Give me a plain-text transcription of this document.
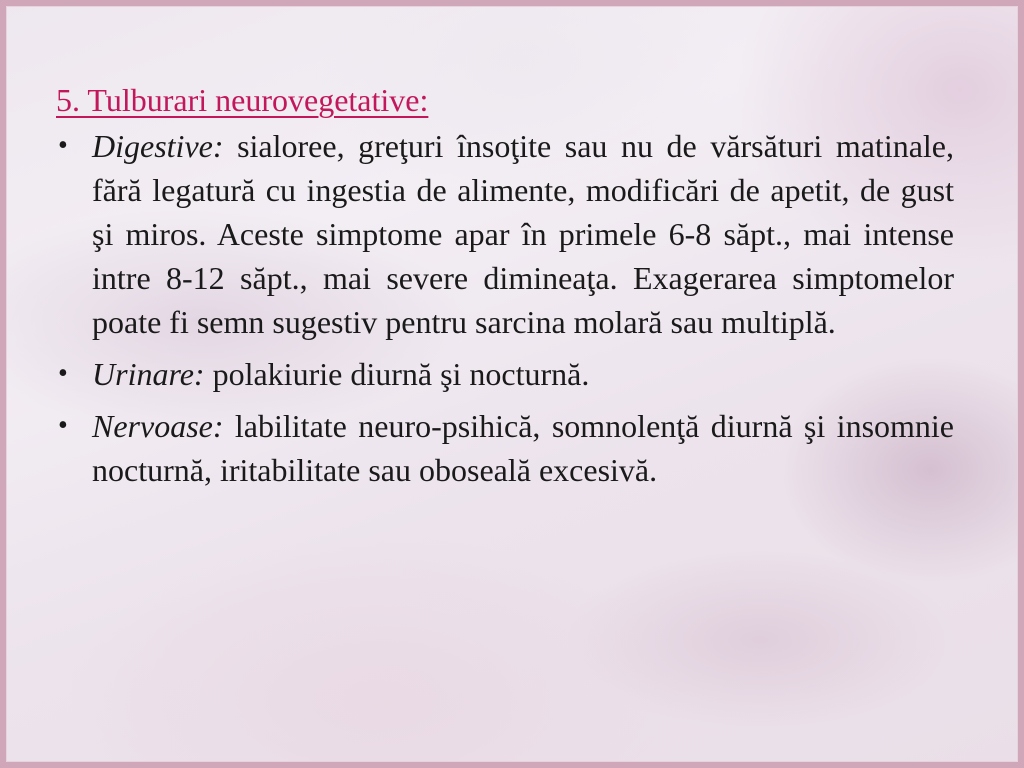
5. Tulburari neurovegetative:
• Digestive: sialoree, greţuri însoţite sau nu de vărsături matinale, fără legatură cu ingestia de alimente, modificări de apetit, de gust şi miros. Aceste simptome apar în primele 6-8 săpt., mai intense intre 8-12 săpt., mai severe dimineaţa. Exagerarea simptomelor poate fi semn sugestiv pentru sarcina molară sau multiplă.
• Urinare: polakiurie diurnă şi nocturnă.
• Nervoase: labilitate neuro-psihică, somnolenţă diurnă şi insomnie nocturnă, iritabilitate sau oboseală excesivă.
